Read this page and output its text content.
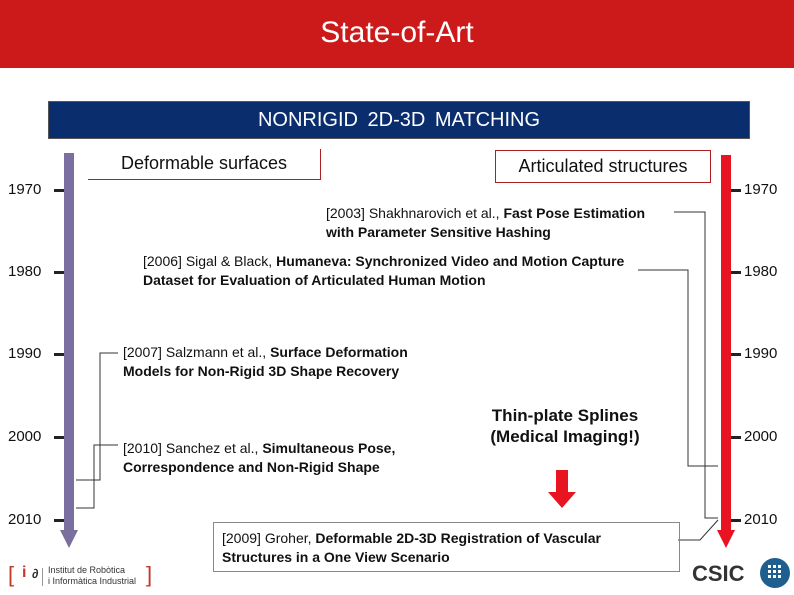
State-of-Art
NONRIGID 2D-3D MATCHING
Deformable surfaces	Articulated structures
1970
1980
1990
2000
2010
1970
1980
1990
2000
2010
[2003] Shakhnarovich et al., Fast Pose Estimation with Parameter Sensitive Hashing
[2006] Sigal & Black, Humaneva: Synchronized Video and Motion Capture Dataset for Evaluation of Articulated Human Motion
[2007] Salzmann et al., Surface Deformation Models for Non-Rigid 3D Shape Recovery
[2010] Sanchez et al., Simultaneous Pose, Correspondence and Non-Rigid Shape
Thin-plate Splines (Medical Imaging!)
[2009] Groher, Deformable 2D-3D Registration of Vascular Structures in a One View Scenario
[ i ∂ Institut de Robòtica
i Informàtica Industrial ]	CSIC
